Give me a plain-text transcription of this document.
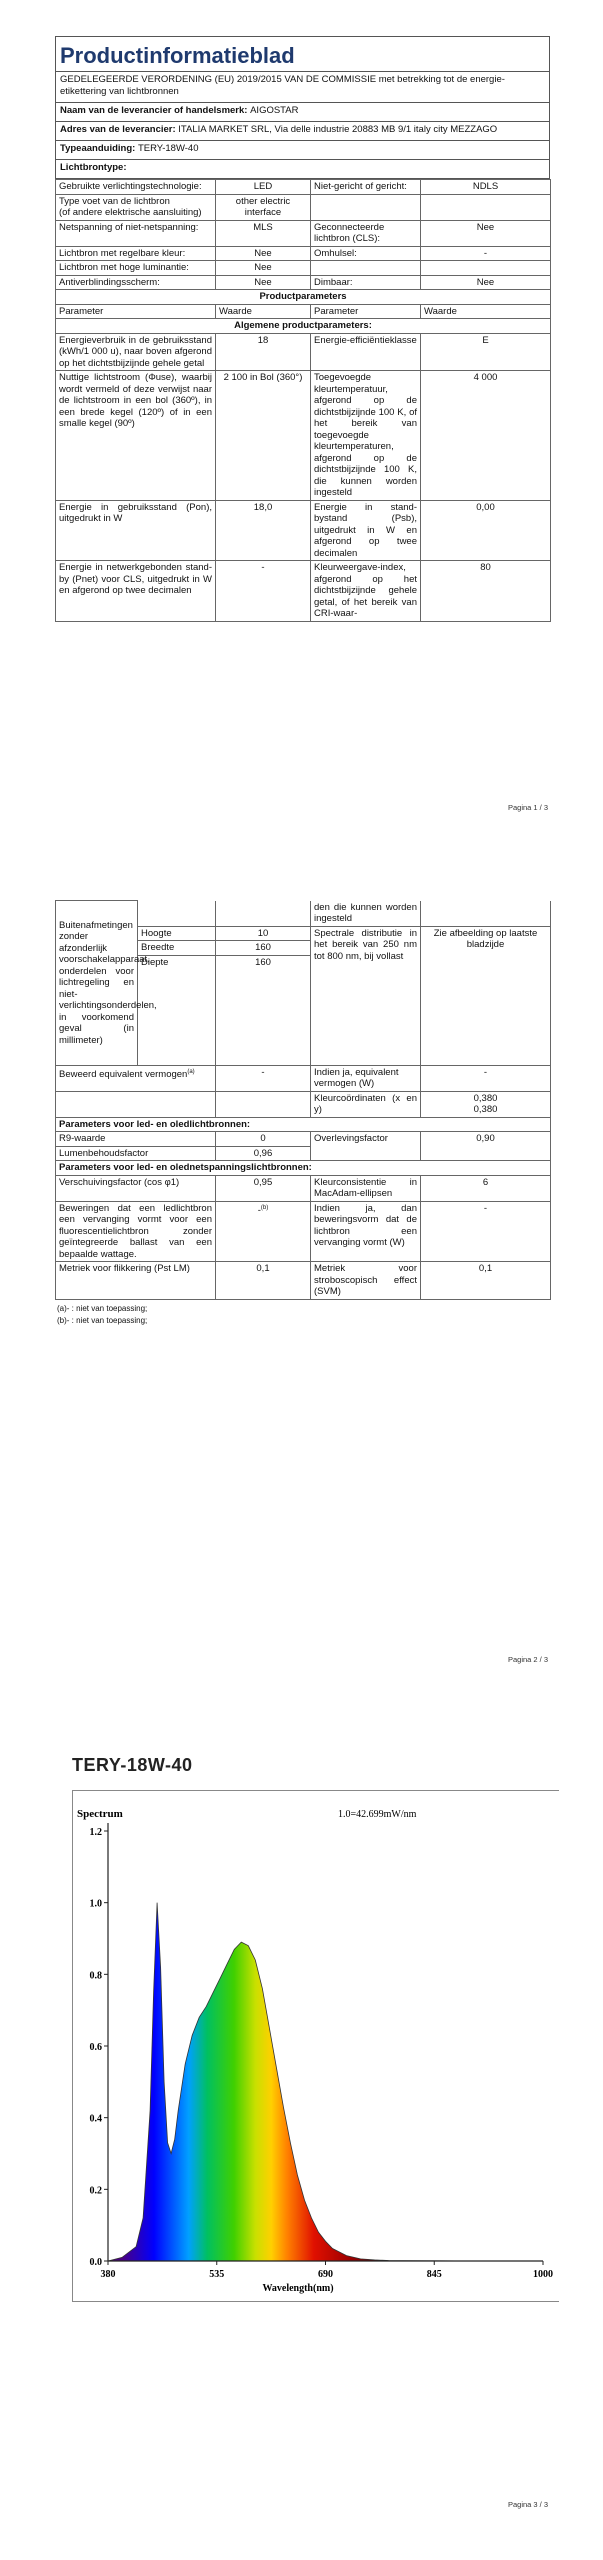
Productinformatieblad
GEDELEGEERDE VERORDENING (EU) 2019/2015 VAN DE COMMISSIE met betrekking tot de energie-etikettering van lichtbronnen
Naam van de leverancier of handelsmerk: AIGOSTAR
Adres van de leverancier: ITALIA MARKET SRL, Via delle industrie 20883 MB 9/1 italy city MEZZAGO
Typeaanduiding: TERY-18W-40
Lichtbrontype:
Gebruikte verlichtingstechnologie:	LED	Niet-gericht of gericht:	NDLS

Type voet van de lichtbron
(of andere elektrische aansluiting)	other electric interface		
Netspanning of niet-netspanning:	MLS	Geconnecteerde lichtbron (CLS):	Nee
Lichtbron met regelbare kleur:	Nee	Omhulsel:	-
Lichtbron met hoge luminantie:	Nee		
Antiverblindingsscherm:	Nee	Dimbaar:	Nee
Productparameters			
Parameter	Waarde	Parameter	Waarde
Algemene productparameters:			
Energieverbruik in de gebruiksstand (kWh/1 000 u), naar boven afgerond op het dichtstbijzijnde gehele getal	18	Energie-efficiëntieklasse	E
Nuttige lichtstroom (Φuse), waarbij wordt vermeld of deze verwijst naar de lichtstroom in een bol (360º), in een brede kegel (120º) of in een smalle kegel (90º)	2 100 in Bol (360°)	Toegevoegde kleurtemperatuur, afgerond op de dichtstbijzijnde 100 K, of het bereik van toegevoegde kleurtemperaturen, afgerond op de dichtstbijzijnde 100 K, die kunnen worden ingesteld	4 000
Energie in gebruiksstand (Pon), uitgedrukt in W	18,0	Energie in stand-bystand (Psb), uitgedrukt in W en afgerond op twee decimalen	0,00
Energie in netwerkgebonden stand-by (Pnet) voor CLS, uitgedrukt in W en afgerond op twee decimalen	-	Kleurweergave-index, afgerond op het dichtstbijzijnde gehele getal, of het bereik van CRI-waar-	80
Pagina 1 / 3
Buitenafmetingen zonder afzonderlijk voorschakelapparaat, onderdelen voor lichtregeling en niet-verlichtingsonderdelen, in voorkomend geval (in millimeter)			den die kunnen worden ingesteld	
	Hoogte	10	Spectrale distributie in het bereik van 250 nm tot 800 nm, bij vollast	Zie afbeelding op laatste bladzijde
	Breedte	160		
	Diepte	160		
Beweerd equivalent vermogen$^{(a)}$		-	Indien ja, equivalent vermogen (W)	-
			Kleurcoördinaten (x en y)	0,380
0,380

Parameters voor led- en oledlichtbronnen:				
R9-waarde		0	Overlevingsfactor	0,90
Lumenbehoudsfactor		0,96		
Parameters voor led- en olednetspanningslichtbronnen:				
Verschuivingsfactor (cos φ1)		0,95	Kleurconsistentie in MacAdam-ellipsen	6
Beweringen dat een ledlichtbron een vervanging vormt voor een fluorescentielichtbron zonder geïntegreerde ballast van een bepaalde wattage.		-$^{(b)}$	Indien ja, dan beweringsvorm dat de lichtbron een vervanging vormt (W)	-
Metriek voor flikkering (Pst LM)		0,1	Metriek voor stroboscopisch effect (SVM)	0,1
(a)- : niet van toepassing;
(b)- : niet van toepassing;
Pagina 2 / 3
TERY-18W-40
Spectrum	1.0=42.699mW/nm
0.0
0.2
0.4
0.6
0.8
1.0
1.2
380	535	690	845	1000
Wavelength(nm)
Pagina 3 / 3
